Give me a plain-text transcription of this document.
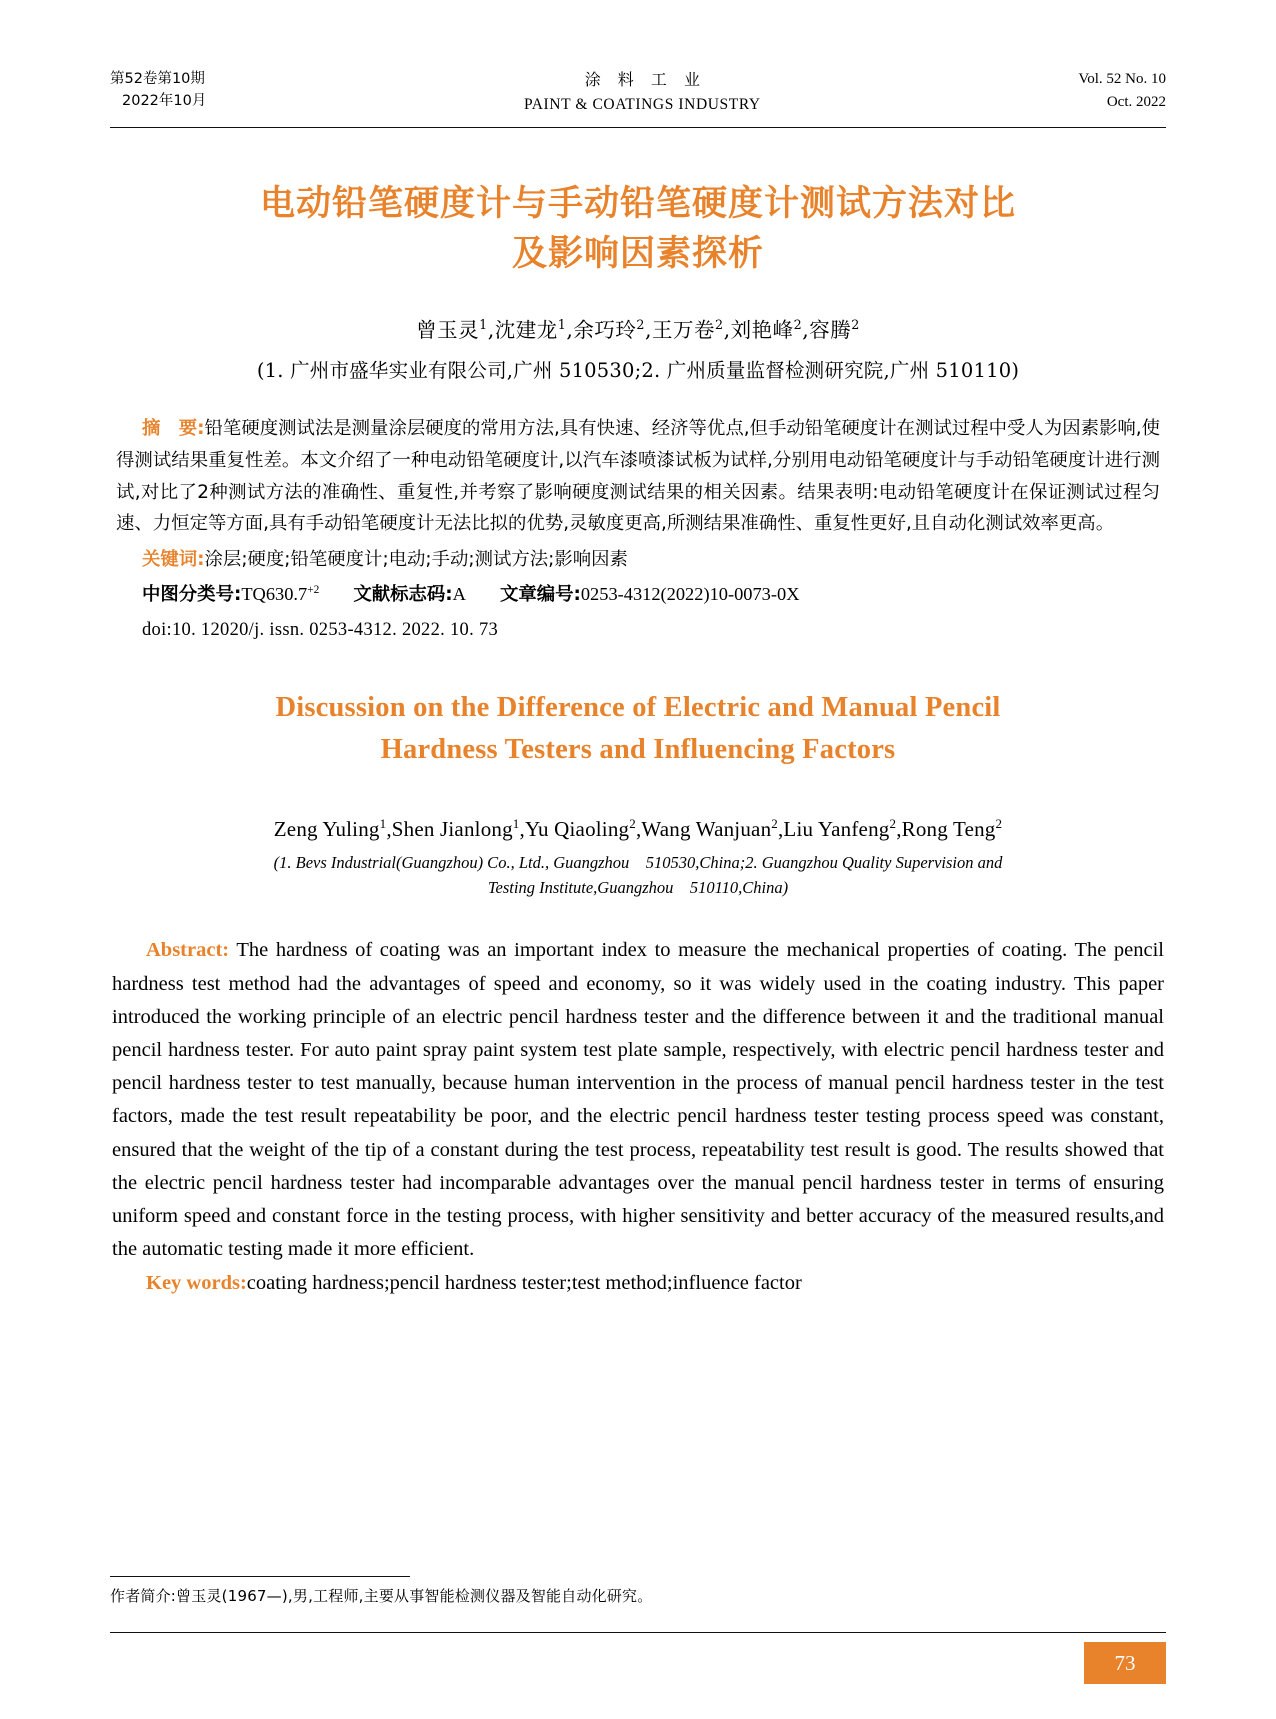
第52卷第10期
2022年10月
涂 料 工 业
PAINT & COATINGS INDUSTRY
Vol. 52 No. 10
Oct. 2022
电动铅笔硬度计与手动铅笔硬度计测试方法对比
及影响因素探析
曾玉灵$^1$,沈建龙$^1$,余巧玲$^2$,王万卷$^2$,刘艳峰$^2$,容腾$^2$
(1. 广州市盛华实业有限公司,广州 510530;2. 广州质量监督检测研究院,广州 510110)
摘　要:铅笔硬度测试法是测量涂层硬度的常用方法,具有快速、经济等优点,但手动铅笔硬度计在测试过程中受人为因素影响,使得测试结果重复性差。本文介绍了一种电动铅笔硬度计,以汽车漆喷漆试板为试样,分别用电动铅笔硬度计与手动铅笔硬度计进行测试,对比了2种测试方法的准确性、重复性,并考察了影响硬度测试结果的相关因素。结果表明:电动铅笔硬度计在保证测试过程匀速、力恒定等方面,具有手动铅笔硬度计无法比拟的优势,灵敏度更高,所测结果准确性、重复性更好,且自动化测试效率更高。
关键词:涂层;硬度;铅笔硬度计;电动;手动;测试方法;影响因素
中图分类号$:TQ630.7^{+2}$ 文献标志码:A 文章编号:0253-4312(2022)10-0073-0X
doi:10. 12020/j. issn. 0253-4312. 2022. 10. 73
Discussion on the Difference of Electric and Manual Pencil
Hardness Testers and Influencing Factors
Zeng Yuling$^1$,Shen Jianlong$^1$,Yu Qiaoling$^2$,Wang Wanjuan$^2$,Liu Yanfeng$^2$,Rong Teng$^2$
(1. Bevs Industrial(Guangzhou) Co., Ltd., Guangzhou　510530,China;2. Guangzhou Quality Supervision and
Testing Institute,Guangzhou　510110,China)
Abstract: The hardness of coating was an important index to measure the mechanical properties of coating. The pencil hardness test method had the advantages of speed and economy, so it was widely used in the coating industry. This paper introduced the working principle of an electric pencil hardness tester and the difference between it and the traditional manual pencil hardness tester. For auto paint spray paint system test plate sample, respectively, with electric pencil hardness tester and pencil hardness tester to test manually, because human intervention in the process of manual pencil hardness tester in the test factors, made the test result repeatability be poor, and the electric pencil hardness tester testing process speed was constant, ensured that the weight of the tip of a constant during the test process, repeatability test result is good. The results showed that the electric pencil hardness tester had incomparable advantages over the manual pencil hardness tester in terms of ensuring uniform speed and constant force in the testing process, with higher sensitivity and better accuracy of the measured results,and the automatic testing made it more efficient.
Key words:coating hardness;pencil hardness tester;test method;influence factor
作者简介:曾玉灵(1967—),男,工程师,主要从事智能检测仪器及智能自动化研究。
73
